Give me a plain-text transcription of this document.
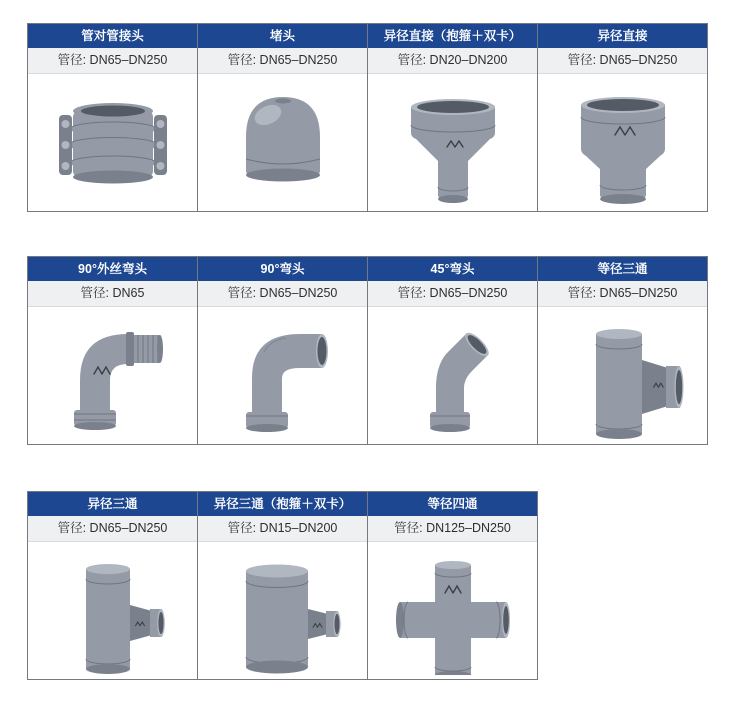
管对管接头
管径: DN65–DN250
堵头
管径: DN65–DN250
异径直接（抱箍＋双卡）
管径: DN20–DN200
异径直接
管径: DN65–DN250
90°外丝弯头
管径: DN65
90°弯头
管径: DN65–DN250
45°弯头
管径: DN65–DN250
等径三通
管径: DN65–DN250
异径三通
管径: DN65–DN250
异径三通（抱箍＋双卡）
管径: DN15–DN200
等径四通
管径: DN125–DN250
